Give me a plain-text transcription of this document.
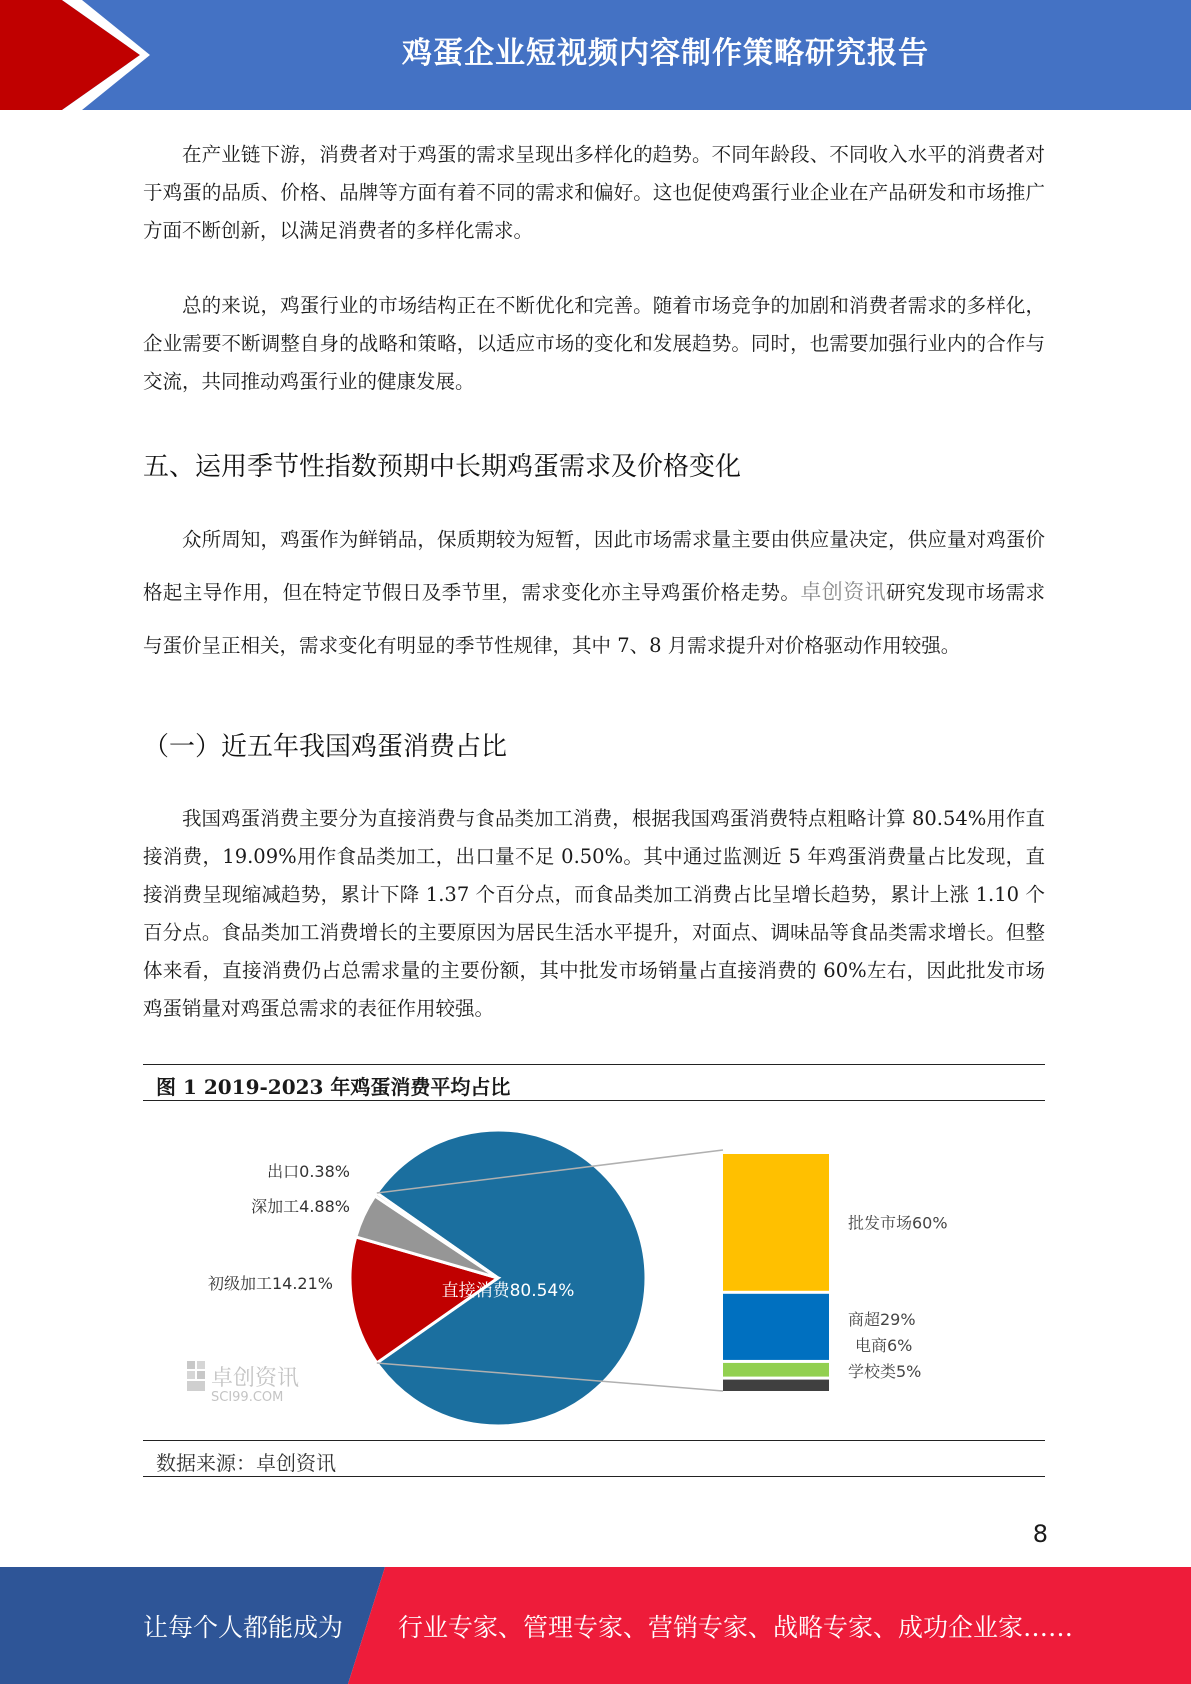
鸡蛋企业短视频内容制作策略研究报告

在产业链下游，消费者对于鸡蛋的需求呈现出多样化的趋势。不同年龄段、不同收入水平的消费者对于鸡蛋的品质、价格、品牌等方面有着不同的需求和偏好。这也促使鸡蛋行业企业在产品研发和市场推广方面不断创新，以满足消费者的多样化需求。

总的来说，鸡蛋行业的市场结构正在不断优化和完善。随着市场竞争的加剧和消费者需求的多样化，企业需要不断调整自身的战略和策略，以适应市场的变化和发展趋势。同时，也需要加强行业内的合作与交流，共同推动鸡蛋行业的健康发展。

五、运用季节性指数预期中长期鸡蛋需求及价格变化

众所周知，鸡蛋作为鲜销品，保质期较为短暂，因此市场需求量主要由供应量决定，供应量对鸡蛋价格起主导作用，但在特定节假日及季节里，需求变化亦主导鸡蛋价格走势。卓创资讯研究发现市场需求与蛋价呈正相关，需求变化有明显的季节性规律，其中 7、8 月需求提升对价格驱动作用较强。

（一）近五年我国鸡蛋消费占比

我国鸡蛋消费主要分为直接消费与食品类加工消费，根据我国鸡蛋消费特点粗略计算 80.54%用作直接消费，19.09%用作食品类加工，出口量不足 0.50%。其中通过监测近 5 年鸡蛋消费量占比发现，直接消费呈现缩减趋势，累计下降 1.37 个百分点，而食品类加工消费占比呈增长趋势，累计上涨 1.10 个百分点。食品类加工消费增长的主要原因为居民生活水平提升，对面点、调味品等食品类需求增长。但整体来看，直接消费仍占总需求量的主要份额，其中批发市场销量占直接消费的 60%左右，因此批发市场鸡蛋销量对鸡蛋总需求的表征作用较强。

图 1 2019-2023 年鸡蛋消费平均占比
卓创资讯
SCI99.COM
直接消费80.54%
初级加工14.21%
深加工4.88%
出口0.38%
批发市场60%
商超29%
电商6%
学校类5%
数据来源：卓创资讯
8
让每个人都能成为 行业专家、管理专家、营销专家、战略专家、成功企业家……
